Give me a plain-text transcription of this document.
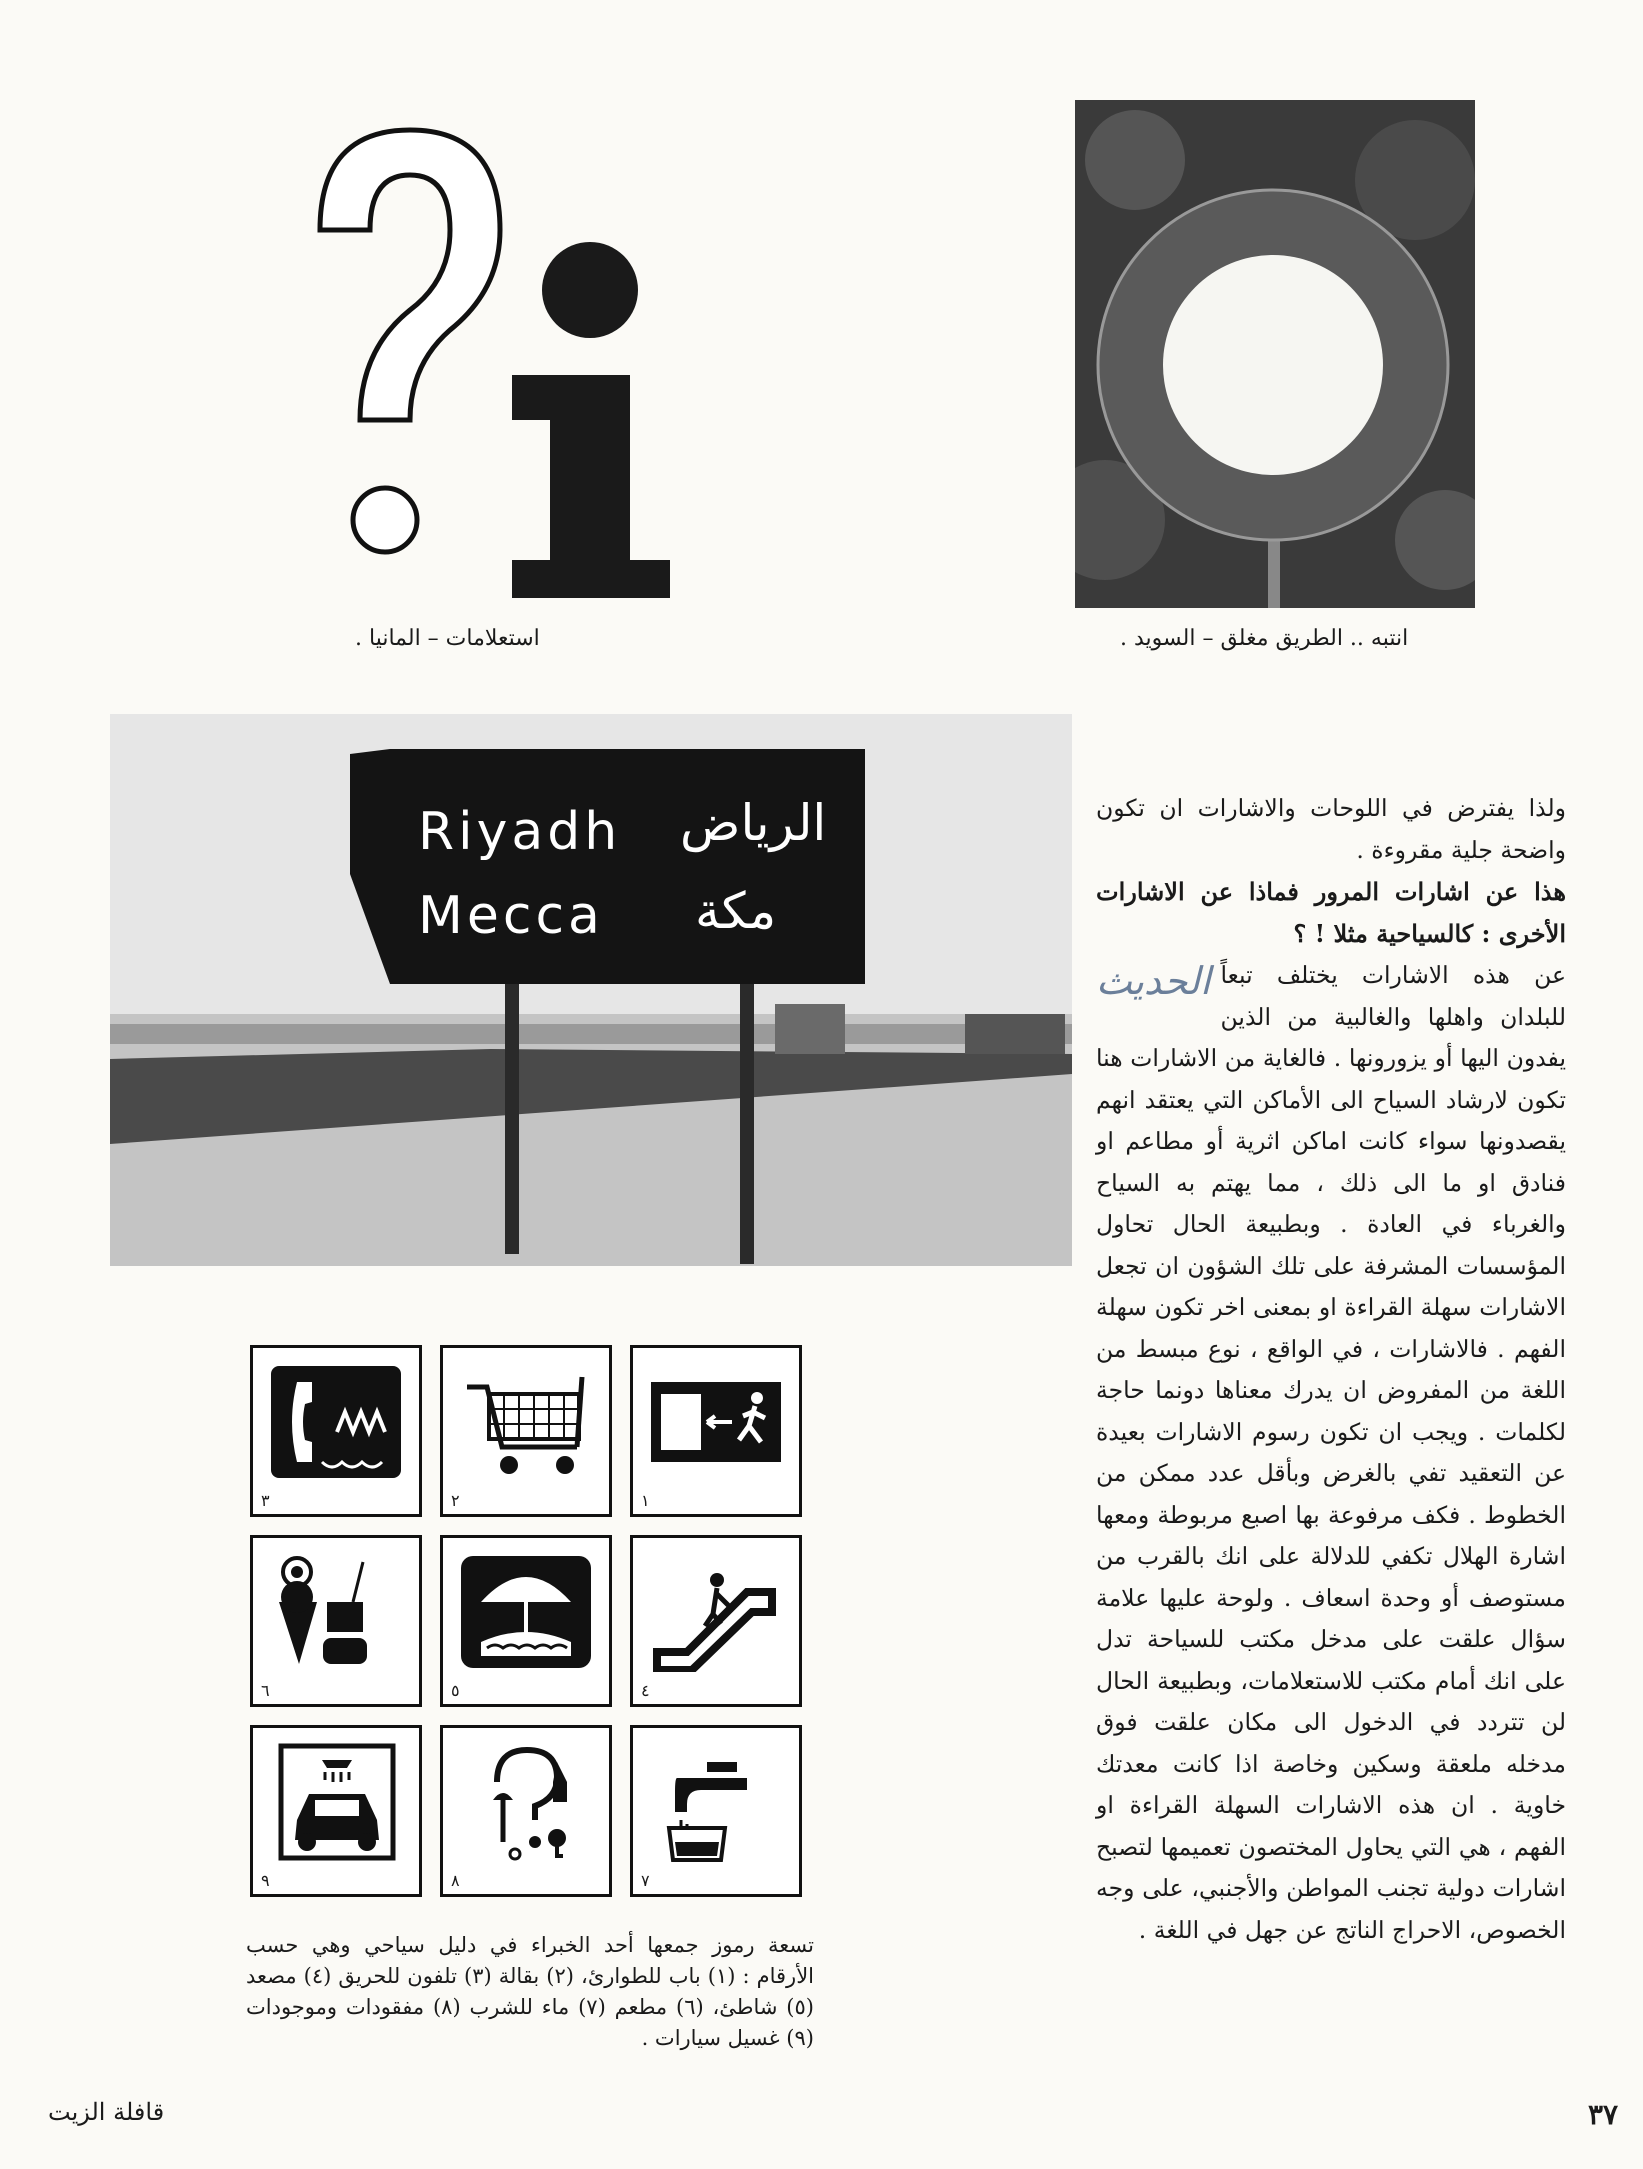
استعلامات – المانيا .	انتبه .. الطريق مغلق – السويد .
Riyadh
Mecca
الرياض
مكة

ولذا يفترض في اللوحات والاشارات ان تكون واضحة جلية مقروءة .

هذا عن اشارات المرور فماذا عن الاشارات الأخرى : كالسياحية مثلا ! ؟

الحديث عن هذه الاشارات يختلف تبعاً للبلدان واهلها والغالبية من الذين يفدون اليها أو يزورونها . فالغاية من الاشارات هنا تكون لارشاد السياح الى الأماكن التي يعتقد انهم يقصدونها سواء كانت اماكن اثرية أو مطاعم او فنادق او ما الى ذلك ، مما يهتم به السياح والغرباء في العادة . وبطبيعة الحال تحاول المؤسسات المشرفة على تلك الشؤون ان تجعل الاشارات سهلة القراءة او بمعنى اخر تكون سهلة الفهم . فالاشارات ، في الواقع ، نوع مبسط من اللغة من المفروض ان يدرك معناها دونما حاجة لكلمات . ويجب ان تكون رسوم الاشارات بعيدة عن التعقيد تفي بالغرض وبأقل عدد ممكن من الخطوط . فكف مرفوعة بها اصبع مربوطة ومعها اشارة الهلال تكفي للدلالة على انك بالقرب من مستوصف أو وحدة اسعاف . ولوحة عليها علامة سؤال علقت على مدخل مكتب للسياحة تدل على انك أمام مكتب للاستعلامات، وبطبيعة الحال لن تتردد في الدخول الى مكان علقت فوق مدخله ملعقة وسكين وخاصة اذا كانت معدتك خاوية . ان هذه الاشارات السهلة القراءة او الفهم ، هي التي يحاول المختصون تعميمها لتصبح اشارات دولية تجنب المواطن والأجنبي، على وجه الخصوص، الاحراج الناتج عن جهل في اللغة .

٣	٢	١
٦	٥	٤
٩	٨	٧
تسعة رموز جمعها أحد الخبراء في دليل سياحي وهي حسب الأرقام : (١) باب للطوارئ، (٢) بقالة (٣) تلفون للحريق (٤) مصعد (٥) شاطئ، (٦) مطعم (٧) ماء للشرب (٨) مفقودات وموجودات (٩) غسيل سيارات .
٣٧
قافلة الزيت
